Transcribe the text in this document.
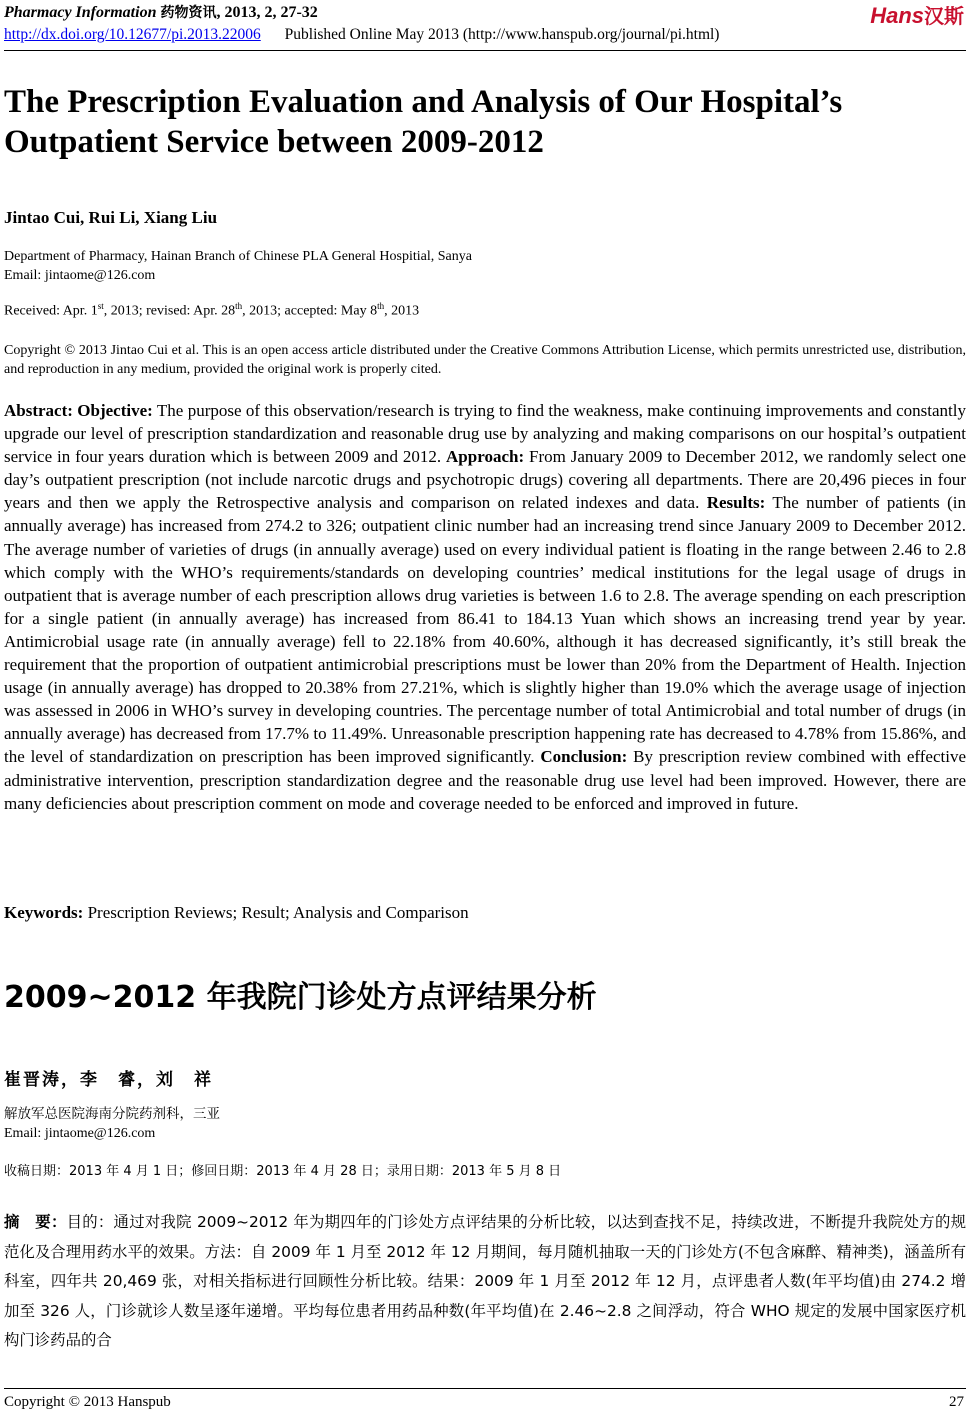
Pharmacy Information 药物资讯, 2013, 2, 27-32	Hans汉斯
http://dx.doi.org/10.12677/pi.2013.22006 Published Online May 2013 (http://www.hanspub.org/journal/pi.html)
The Prescription Evaluation and Analysis of Our Hospital’s Outpatient Service between 2009-2012
Jintao Cui, Rui Li, Xiang Liu
Department of Pharmacy, Hainan Branch of Chinese PLA General Hospitial, Sanya
Email: jintaome@126.com
Received: Apr. 1st, 2013; revised: Apr. 28th, 2013; accepted: May 8th, 2013
Copyright © 2013 Jintao Cui et al. This is an open access article distributed under the Creative Commons Attribution License, which permits unrestricted use, distribution, and reproduction in any medium, provided the original work is properly cited.

Abstract: Objective: The purpose of this observation/research is trying to find the weakness, make continuing improvements and constantly upgrade our level of prescription standardization and reasonable drug use by analyzing and making comparisons on our hospital’s outpatient service in four years duration which is between 2009 and 2012. Approach: From January 2009 to December 2012, we randomly select one day’s outpatient prescription (not include narcotic drugs and psychotropic drugs) covering all departments. There are 20,496 pieces in four years and then we apply the Retrospective analysis and comparison on related indexes and data. Results: The number of patients (in annually average) has increased from 274.2 to 326; outpatient clinic number had an increasing trend since January 2009 to December 2012. The average number of varieties of drugs (in annually average) used on every individual patient is floating in the range between 2.46 to 2.8 which comply with the WHO’s requirements/standards on developing countries’ medical institutions for the legal usage of drugs in outpatient that is average number of each prescription allows drug varieties is between 1.6 to 2.8. The average spending on each prescription for a single patient (in annually average) has increased from 86.41 to 184.13 Yuan which shows an increasing trend year by year. Antimicrobial usage rate (in annually average) fell to 22.18% from 40.60%, although it has decreased significantly, it’s still break the requirement that the proportion of outpatient antimicrobial prescriptions must be lower than 20% from the Department of Health. Injection usage (in annually average) has dropped to 20.38% from 27.21%, which is slightly higher than 19.0% which the average usage of injection was assessed in 2006 in WHO’s survey in developing countries. The percentage number of total Antimicrobial and total number of drugs (in annually average) has decreased from 17.7% to 11.49%. Unreasonable prescription happening rate has decreased to 4.78% from 15.86%, and the level of standardization on prescription has been improved significantly. Conclusion: By prescription review combined with effective administrative intervention, prescription standardization degree and the reasonable drug use level had been improved. However, there are many deficiencies about prescription comment on mode and coverage needed to be enforced and improved in future.

Keywords: Prescription Reviews; Result; Analysis and Comparison
2009~2012 年我院门诊处方点评结果分析
崔晋涛，李　睿，刘　祥
解放军总医院海南分院药剂科，三亚
Email: jintaome@126.com
收稿日期：2013 年 4 月 1 日；修回日期：2013 年 4 月 28 日；录用日期：2013 年 5 月 8 日

摘　要：目的：通过对我院 2009~2012 年为期四年的门诊处方点评结果的分析比较，以达到查找不足，持续改进，不断提升我院处方的规范化及合理用药水平的效果。方法：自 2009 年 1 月至 2012 年 12 月期间，每月随机抽取一天的门诊处方(不包含麻醉、精神类)，涵盖所有科室，四年共 20,469 张，对相关指标进行回顾性分析比较。结果：2009 年 1 月至 2012 年 12 月，点评患者人数(年平均值)由 274.2 增加至 326 人，门诊就诊人数呈逐年递增。平均每位患者用药品种数(年平均值)在 2.46~2.8 之间浮动，符合 WHO 规定的发展中国家医疗机构门诊药品的合

Copyright © 2013 Hanspub	27
